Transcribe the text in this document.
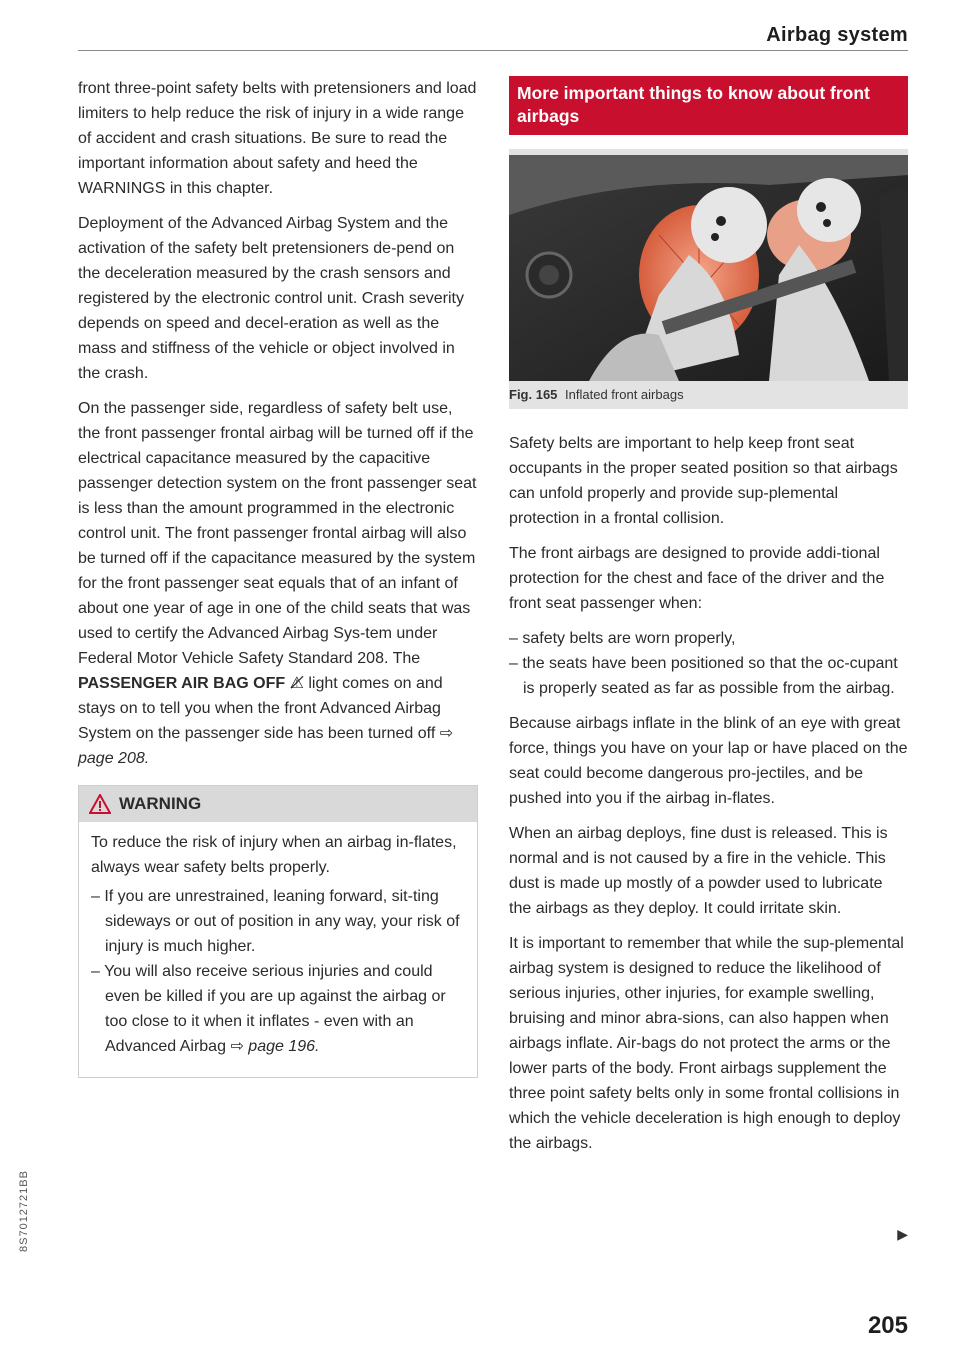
Airbag system

front three-point safety belts with pretensioners and load limiters to help reduce the risk of injury in a wide range of accident and crash situations. Be sure to read the important information about safety and heed the WARNINGS in this chapter.

Deployment of the Advanced Airbag System and the activation of the safety belt pretensioners de-pend on the deceleration measured by the crash sensors and registered by the electronic control unit. Crash severity depends on speed and decel-eration as well as the mass and stiffness of the vehicle or object involved in the crash.

On the passenger side, regardless of safety belt use, the front passenger frontal airbag will be turned off if the electrical capacitance measured by the capacitive passenger detection system on the front passenger seat is less than the amount programmed in the electronic control unit. The front passenger frontal airbag will also be turned off if the capacitance measured by the system for the front passenger seat equals that of an infant of about one year of age in one of the child seats that was used to certify the Advanced Airbag Sys-tem under Federal Motor Vehicle Safety Standard 208. The PASSENGER AIR BAG OFF ⚠̸ light comes on and stays on to tell you when the front Advanced Airbag System on the passenger side has been turned off ⇨ page 208.

WARNING

To reduce the risk of injury when an airbag in-flates, always wear safety belts properly.

– If you are unrestrained, leaning forward, sit-ting sideways or out of position in any way, your risk of injury is much higher.
– You will also receive serious injuries and could even be killed if you are up against the airbag or too close to it when it inflates - even with an Advanced Airbag ⇨ page 196.
More important things to know about front airbags
Fig. 165 Inflated front airbags

Safety belts are important to help keep front seat occupants in the proper seated position so that airbags can unfold properly and provide sup-plemental protection in a frontal collision.

The front airbags are designed to provide addi-tional protection for the chest and face of the driver and the front seat passenger when:

– safety belts are worn properly,
– the seats have been positioned so that the oc-cupant is properly seated as far as possible from the airbag.

Because airbags inflate in the blink of an eye with great force, things you have on your lap or have placed on the seat could become dangerous pro-jectiles, and be pushed into you if the airbag in-flates.

When an airbag deploys, fine dust is released. This is normal and is not caused by a fire in the vehicle. This dust is made up mostly of a powder used to lubricate the airbags as they deploy. It could irritate skin.

It is important to remember that while the sup-plemental airbag system is designed to reduce the likelihood of serious injuries, other injuries, for example swelling, bruising and minor abra-sions, can also happen when airbags inflate. Air-bags do not protect the arms or the lower parts of the body. Front airbags supplement the three point safety belts only in some frontal collisions in which the vehicle deceleration is high enough to deploy the airbags.

▶
205
8S7012721BB
